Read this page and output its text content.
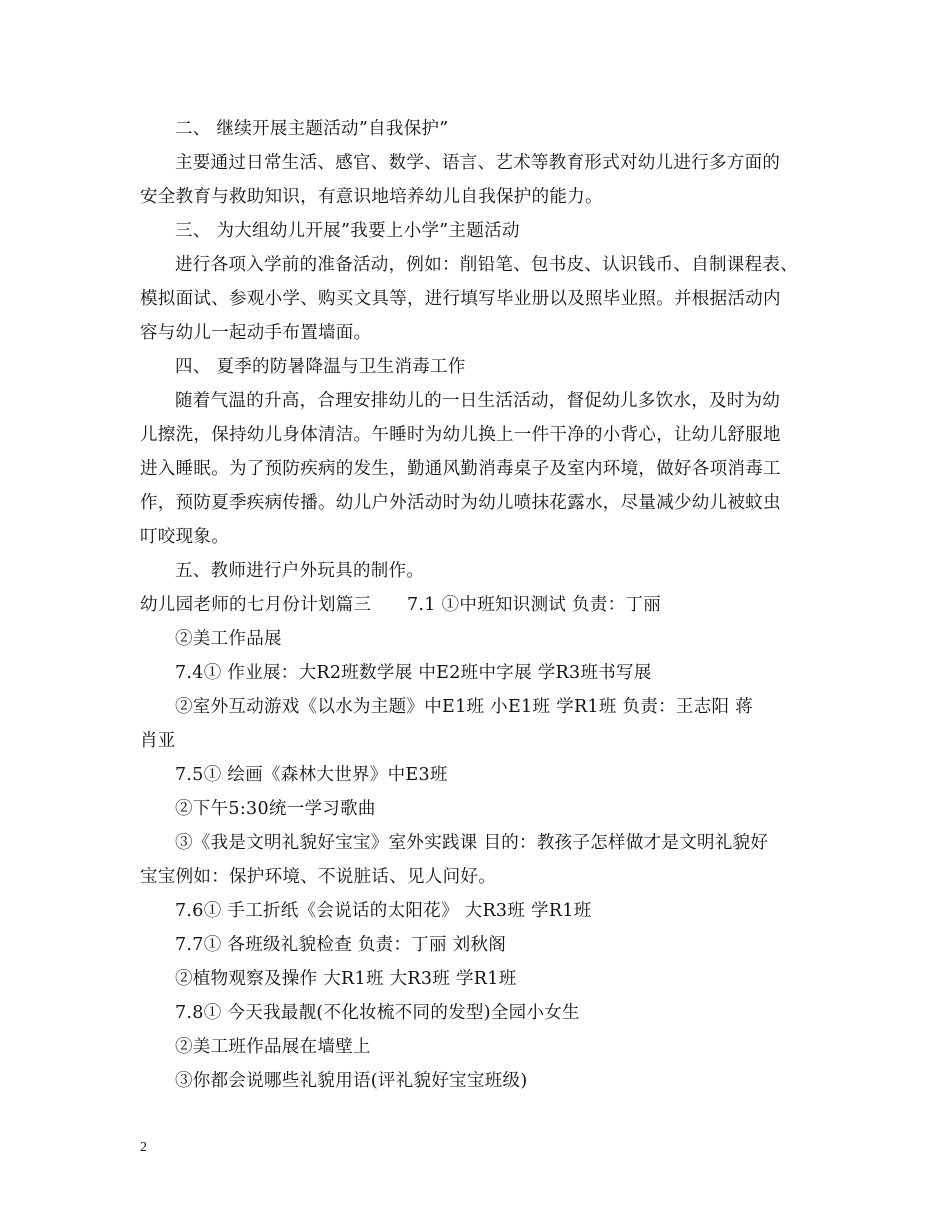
二、 继续开展主题活动”自我保护”
主要通过日常生活、感官、数学、语言、艺术等教育形式对幼儿进行多方面的
安全教育与救助知识，有意识地培养幼儿自我保护的能力。
三、 为大组幼儿开展”我要上小学”主题活动
进行各项入学前的准备活动，例如：削铅笔、包书皮、认识钱币、自制课程表、
模拟面试、参观小学、购买文具等，进行填写毕业册以及照毕业照。并根据活动内
容与幼儿一起动手布置墙面。
四、 夏季的防暑降温与卫生消毒工作
随着气温的升高，合理安排幼儿的一日生活活动，督促幼儿多饮水，及时为幼
儿擦洗，保持幼儿身体清洁。午睡时为幼儿换上一件干净的小背心，让幼儿舒服地
进入睡眠。为了预防疾病的发生，勤通风勤消毒桌子及室内环境，做好各项消毒工
作，预防夏季疾病传播。幼儿户外活动时为幼儿喷抹花露水，尽量减少幼儿被蚊虫
叮咬现象。
五、教师进行户外玩具的制作。
幼儿园老师的七月份计划篇三　　7.1 ①中班知识测试 负责：丁丽
②美工作品展
7.4① 作业展：大R2班数学展 中E2班中字展 学R3班书写展
②室外互动游戏《以水为主题》中E1班 小E1班 学R1班 负责：王志阳 蒋
肖亚
7.5① 绘画《森林大世界》中E3班
②下午5:30统一学习歌曲
③《我是文明礼貌好宝宝》室外实践课 目的：教孩子怎样做才是文明礼貌好
宝宝例如：保护环境、不说脏话、见人问好。
7.6① 手工折纸《会说话的太阳花》 大R3班 学R1班
7.7① 各班级礼貌检查 负责：丁丽 刘秋阁
②植物观察及操作 大R1班 大R3班 学R1班
7.8① 今天我最靓(不化妆梳不同的发型)全园小女生
②美工班作品展在墙壁上
③你都会说哪些礼貌用语(评礼貌好宝宝班级)
2
